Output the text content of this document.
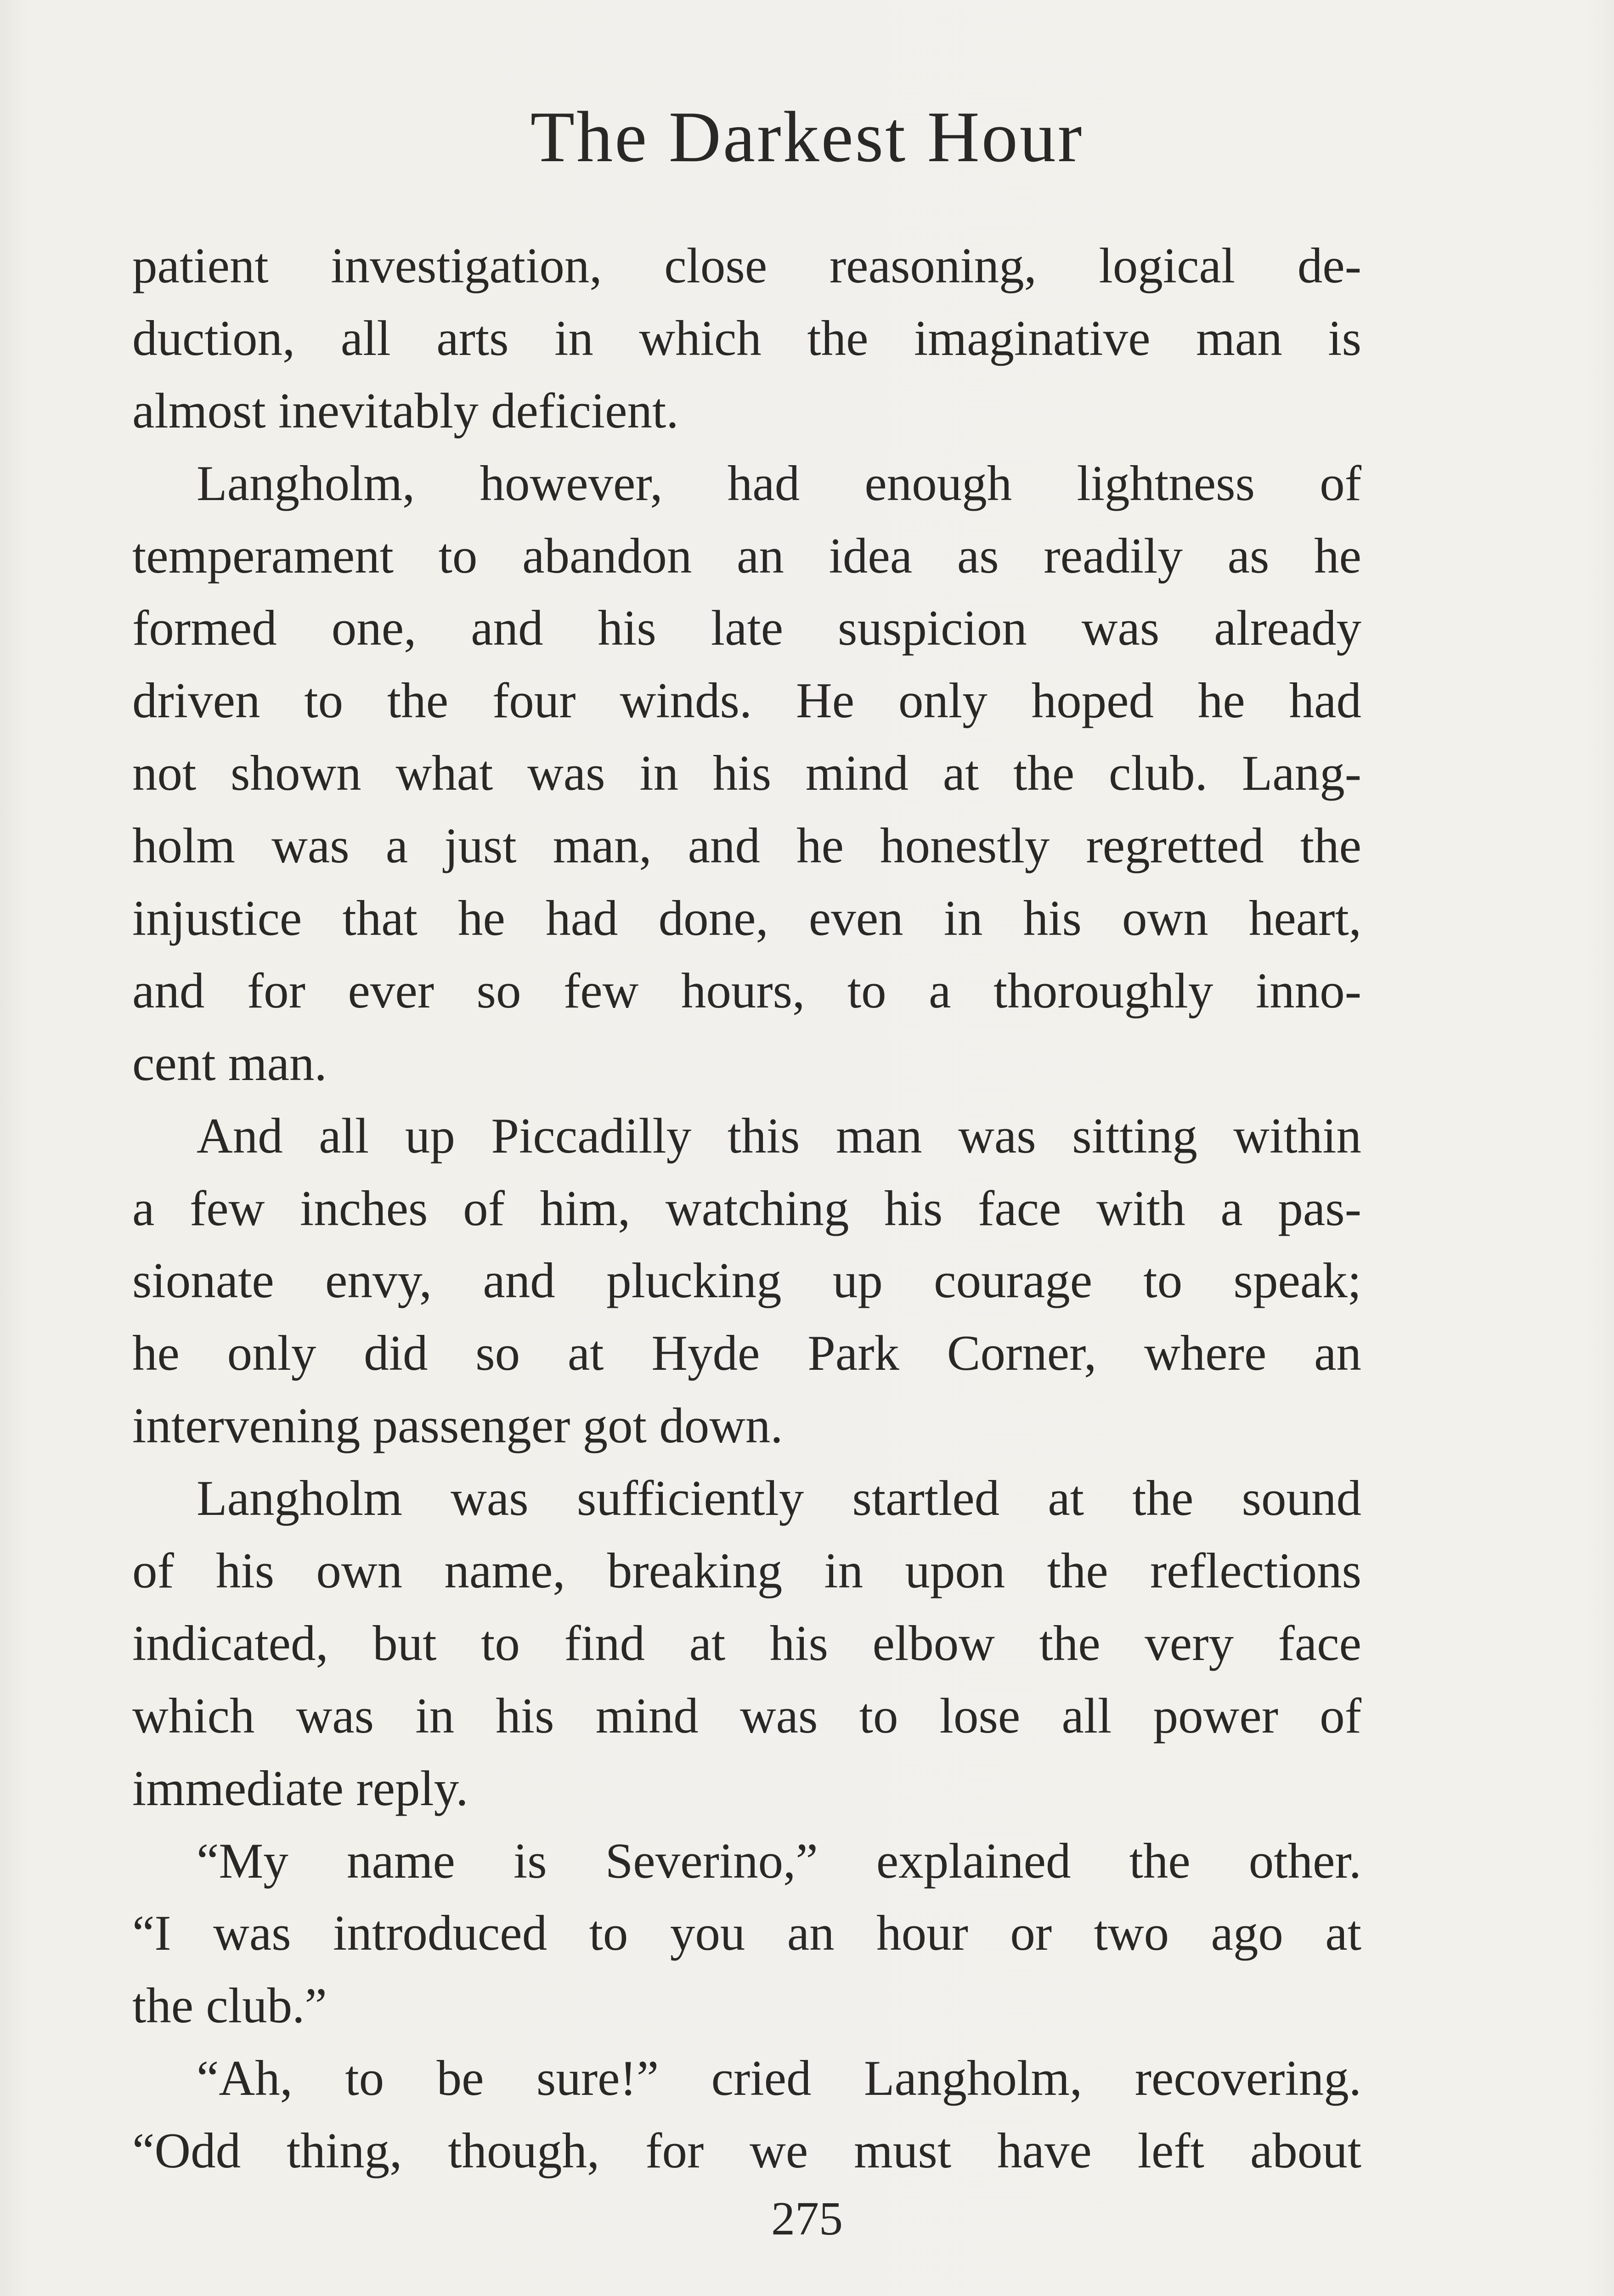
The Darkest Hour
patient investigation, close reasoning, logical de-
duction, all arts in which the imaginative man is
almost inevitably deficient.
Langholm, however, had enough lightness of
temperament to abandon an idea as readily as he
formed one, and his late suspicion was already
driven to the four winds. He only hoped he had
not shown what was in his mind at the club. Lang-
holm was a just man, and he honestly regretted the
injustice that he had done, even in his own heart,
and for ever so few hours, to a thoroughly inno-
cent man.
And all up Piccadilly this man was sitting within
a few inches of him, watching his face with a pas-
sionate envy, and plucking up courage to speak;
he only did so at Hyde Park Corner, where an
intervening passenger got down.
Langholm was sufficiently startled at the sound
of his own name, breaking in upon the reflections
indicated, but to find at his elbow the very face
which was in his mind was to lose all power of
immediate reply.
“My name is Severino,” explained the other.
“I was introduced to you an hour or two ago at
the club.”
“Ah, to be sure!” cried Langholm, recovering.
“Odd thing, though, for we must have left about
275
